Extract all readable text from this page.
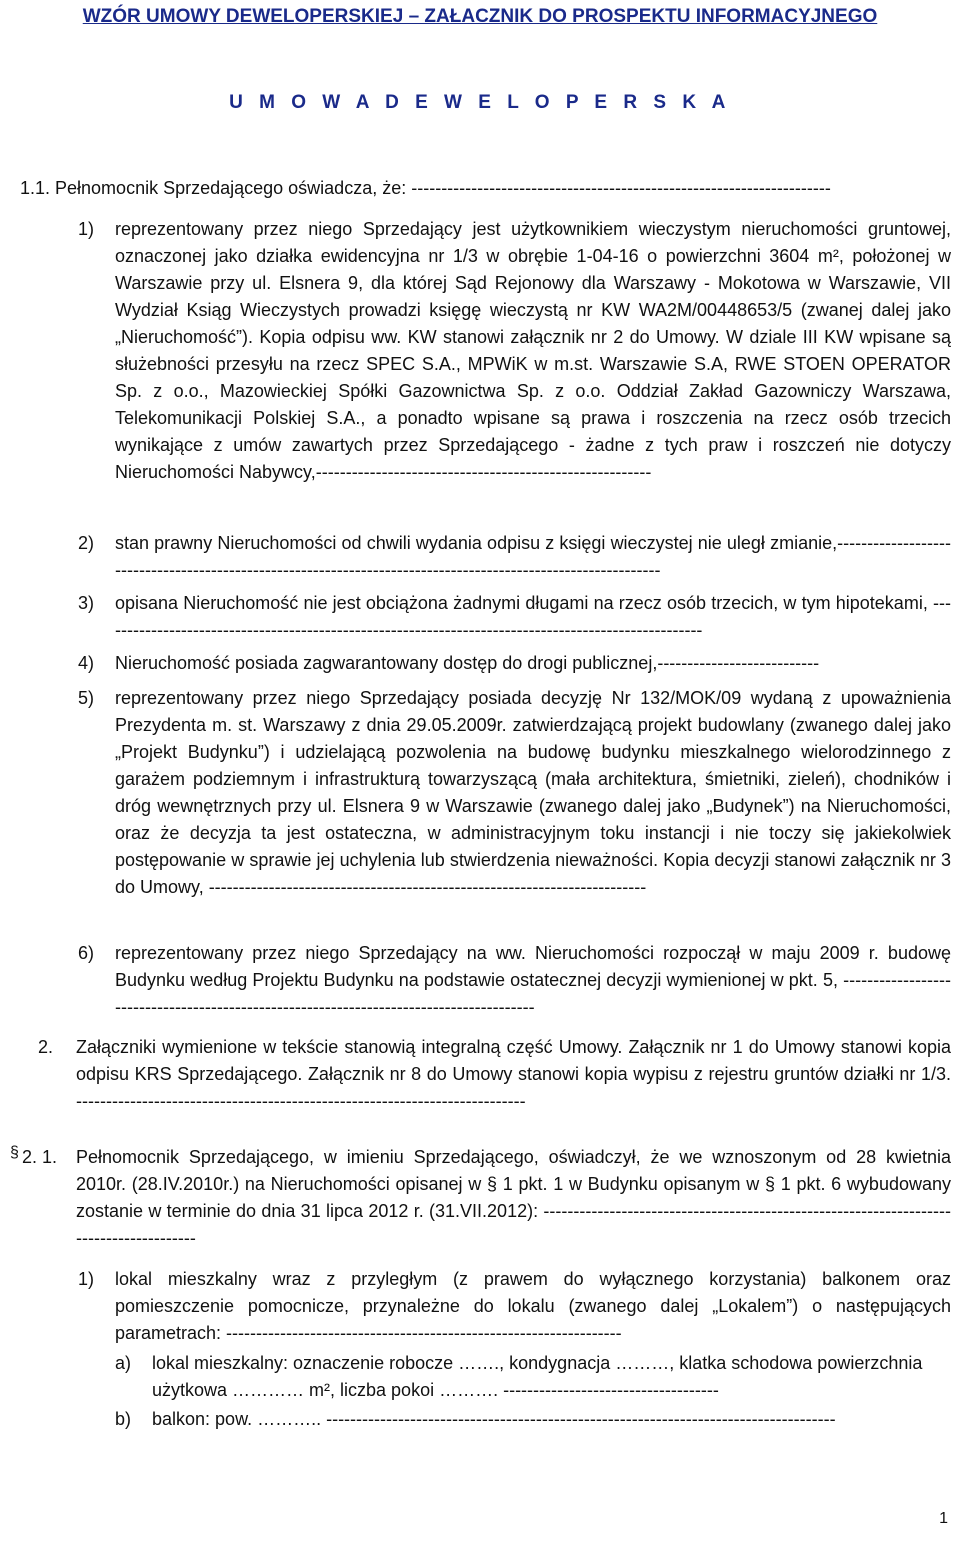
WZÓR UMOWY DEWELOPERSKIEJ – ZAŁACZNIK DO PROSPEKTU INFORMACYJNEGO
U M O W A D E W E L O P E R S K A
1.1. Pełnomocnik Sprzedającego oświadcza, że: ----------------------------------------------------------------------
1) reprezentowany przez niego Sprzedający jest użytkownikiem wieczystym nieruchomości gruntowej, oznaczonej jako działka ewidencyjna nr 1/3 w obrębie 1-04-16 o powierzchni 3604 m², położonej w Warszawie przy ul. Elsnera 9, dla której Sąd Rejonowy dla Warszawy - Mokotowa w Warszawie, VII Wydział Ksiąg Wieczystych prowadzi księgę wieczystą nr KW WA2M/00448653/5 (zwanej dalej jako „Nieruchomość”). Kopia odpisu ww. KW stanowi załącznik nr 2 do Umowy. W dziale III KW wpisane są służebności przesyłu na rzecz SPEC S.A., MPWiK w m.st. Warszawie S.A, RWE STOEN OPERATOR Sp. z o.o., Mazowieckiej Spółki Gazownictwa Sp. z o.o. Oddział Zakład Gazowniczy Warszawa, Telekomunikacji Polskiej S.A., a ponadto wpisane są prawa i roszczenia na rzecz osób trzecich wynikające z umów zawartych przez Sprzedającego - żadne z tych praw i roszczeń nie dotyczy Nieruchomości Nabywcy,--------------------------------------------------------
2) stan prawny Nieruchomości od chwili wydania odpisu z księgi wieczystej nie uległ zmianie,--------------------------------------------------------------------------------------------------------------
3) opisana Nieruchomość nie jest obciążona żadnymi długami na rzecz osób trzecich, w tym hipotekami, -----------------------------------------------------------------------------------------------------
4) Nieruchomość posiada zagwarantowany dostęp do drogi publicznej,---------------------------
5) reprezentowany przez niego Sprzedający posiada decyzję Nr 132/MOK/09 wydaną z upoważnienia Prezydenta m. st. Warszawy z dnia 29.05.2009r. zatwierdzającą projekt budowlany (zwanego dalej jako „Projekt Budynku”) i udzielającą pozwolenia na budowę budynku mieszkalnego wielorodzinnego z garażem podziemnym i infrastrukturą towarzyszącą (mała architektura, śmietniki, zieleń), chodników i dróg wewnętrznych przy ul. Elsnera 9 w Warszawie (zwanego dalej jako „Budynek”) na Nieruchomości, oraz że decyzja ta jest ostateczna, w administracyjnym toku instancji i nie toczy się jakiekolwiek postępowanie w sprawie jej uchylenia lub stwierdzenia nieważności. Kopia decyzji stanowi załącznik nr 3 do Umowy, -------------------------------------------------------------------------
6) reprezentowany przez niego Sprzedający na ww. Nieruchomości rozpoczął w maju 2009 r. budowę Budynku według Projektu Budynku na podstawie ostatecznej decyzji wymienionej w pkt. 5, ----------------------------------------------------------------------------------------
2. Załączniki wymienione w tekście stanowią integralną część Umowy. Załącznik nr 1 do Umowy stanowi kopia odpisu KRS Sprzedającego. Załącznik nr 8 do Umowy stanowi kopia wypisu z rejestru gruntów działki nr 1/3. ---------------------------------------------------------------------------
§ 2. 1. Pełnomocnik Sprzedającego, w imieniu Sprzedającego, oświadczył, że we wznoszonym od 28 kwietnia 2010r. (28.IV.2010r.) na Nieruchomości opisanej w § 1 pkt. 1 w Budynku opisanym w § 1 pkt. 6 wybudowany zostanie w terminie do dnia 31 lipca 2012 r. (31.VII.2012): ----------------------------------------------------------------------------------------
1) lokal mieszkalny wraz z przyległym (z prawem do wyłącznego korzystania) balkonem oraz pomieszczenie pomocnicze, przynależne do lokalu (zwanego dalej „Lokalem”) o następujących parametrach: ------------------------------------------------------------------
a) lokal mieszkalny: oznaczenie robocze ……., kondygnacja ………, klatka schodowa powierzchnia użytkowa ………… m², liczba pokoi ………. ------------------------------------
b) balkon: pow. ……….. -------------------------------------------------------------------------------------
1
